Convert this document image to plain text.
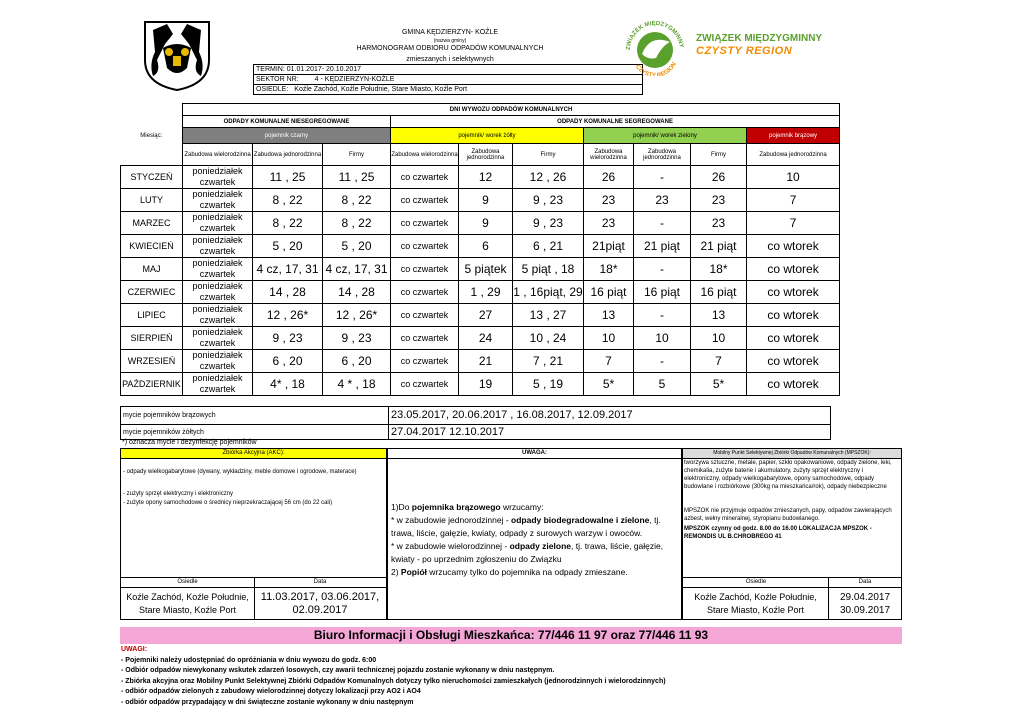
GMINA KĘDZIERZYN- KOŹLE
(nazwa gminy)
HARMONOGRAM ODBIORU ODPADÓW KOMUNALNYCH
zmieszanych i selektywnych
TERMIN: 01.01.2017- 20.10.2017
SEKTOR NR: 4 - KĘDZIERZYN-KOŹLE
OSIEDLE: Koźle Zachód, Koźle Południe, Stare Miasto, Koźle Port
ZWIĄZEK MIĘDZYGMINNY
CZYSTY REGION
ZWIĄZEK MIĘDZYGMINNY
CZYSTY REGION
	DNI WYWOZU ODPADÓW KOMUNALNYCH									
	ODPADY KOMUNALNE NIESEGREGOWANE			ODPADY KOMUNALNE SEGREGOWANE						
Miesiąc:	pojemnik czarny			pojemnik/ worek żółty			pojemnik/ worek zielony			pojemnik brązowy
	Zabudowa wielorodzinna	Zabudowa jednorodzinna	Firmy	Zabudowa wielorodzinna	Zabudowa jednorodzinna	Firmy	Zabudowa wielorodzinna	Zabudowa jednorodzinna	Firmy	Zabudowa jednorodzinna
STYCZEŃ	poniedziałek czwartek	11 , 25	11 , 25	co czwartek	12	12 , 26	26	-	26	10
LUTY	poniedziałek czwartek	8 , 22	8 , 22	co czwartek	9	9 , 23	23	23	23	7
MARZEC	poniedziałek czwartek	8 , 22	8 , 22	co czwartek	9	9 , 23	23	-	23	7
KWIECIEŃ	poniedziałek czwartek	5 , 20	5 , 20	co czwartek	6	6 , 21	21piąt	21 piąt	21 piąt	co wtorek
MAJ	poniedziałek czwartek	4 cz, 17, 31	4 cz, 17, 31	co czwartek	5 piątek	5 piąt , 18	18*	-	18*	co wtorek
CZERWIEC	poniedziałek czwartek	14 , 28	14 , 28	co czwartek	1 , 29	1 , 16piąt, 29	16 piąt	16 piąt	16 piąt	co wtorek
LIPIEC	poniedziałek czwartek	12 , 26*	12 , 26*	co czwartek	27	13 , 27	13	-	13	co wtorek
SIERPIEŃ	poniedziałek czwartek	9 , 23	9 , 23	co czwartek	24	10 , 24	10	10	10	co wtorek
WRZESIEŃ	poniedziałek czwartek	6 , 20	6 , 20	co czwartek	21	7 , 21	7	-	7	co wtorek
PAŹDZIERNIK	poniedziałek czwartek	4* , 18	4 * , 18	co czwartek	19	5 , 19	5*	5	5*	co wtorek
mycie pojemników brązowych	23.05.2017, 20.06.2017 , 16.08.2017, 12.09.2017
mycie pojemników żółtych	27.04.2017 12.10.2017
*) oznacza mycie i dezynfekcję pojemników
Zbiórka Akcyjna (AKC):
- odpady wielkogabarytowe (dywany, wykładziny, meble domowe i ogrodowe, materace)
- zużyty sprzęt elektryczny i elektroniczny
- zużyte opony samochodowe o średnicy nieprzekraczającej 56 cm (do 22 cali)
Osiedle	Data
Koźle Zachód, Koźle Południe, Stare Miasto, Koźle Port
11.03.2017, 03.06.2017, 02.09.2017
UWAGA:
1)Do pojemnika brązowego wrzucamy:
* w zabudowie jednorodzinnej - odpady biodegradowalne i zielone, tj. trawa, liście, gałęzie, kwiaty, odpady z surowych warzyw i owoców.
* w zabudowie wielorodzinnej - odpady zielone, tj. trawa, liście, gałęzie, kwiaty - po uprzednim zgłoszeniu do Związku
2) Popiół wrzucamy tylko do pojemnika na odpady zmieszane.
Mobilny Punkt Selektywnej Zbiórki Odpadów Komunalnych (MPSZOK):
tworzywa sztuczne, metale, papier, szkło opakowaniowe, odpady zielone, leki, chemikalia, zużyte baterie i akumulatory, zużyty sprzęt elektryczny i elektroniczny, odpady wielkogabarytowe, opony samochodowe, odpady budowlane i rozbiórkowe (300kg na mieszkańca/rok), odpady niebezpieczne
MPSZOK nie przyjmuje odpadów zmieszanych, papy, odpadów zawierających azbest, wełny mineralnej, styropianu budowlanego.
MPSZOK czynny od godz. 8.00 do 16.00 LOKALIZACJA MPSZOK - REMONDIS UL B.CHROBREGO 41
Osiedle	Data
Koźle Zachód, Koźle Południe, Stare Miasto, Koźle Port
29.04.2017
30.09.2017
Biuro Informacji i Obsługi Mieszkańca: 77/446 11 97 oraz 77/446 11 93
UWAGI:
- Pojemniki należy udostępniać do opróżniania w dniu wywozu do godz. 6:00
- Odbiór odpadów niewykonany wskutek zdarzeń losowych, czy awarii technicznej pojazdu zostanie wykonany w dniu następnym.
- Zbiórka akcyjna oraz Mobilny Punkt Selektywnej Zbiórki Odpadów Komunalnych dotyczy tylko nieruchomości zamieszkałych (jednorodzinnych i wielorodzinnych)
- odbiór odpadów zielonych z zabudowy wielorodzinnej dotyczy lokalizacji przy AO2 i AO4
- odbiór odpadów przypadający w dni świąteczne zostanie wykonany w dniu następnym
